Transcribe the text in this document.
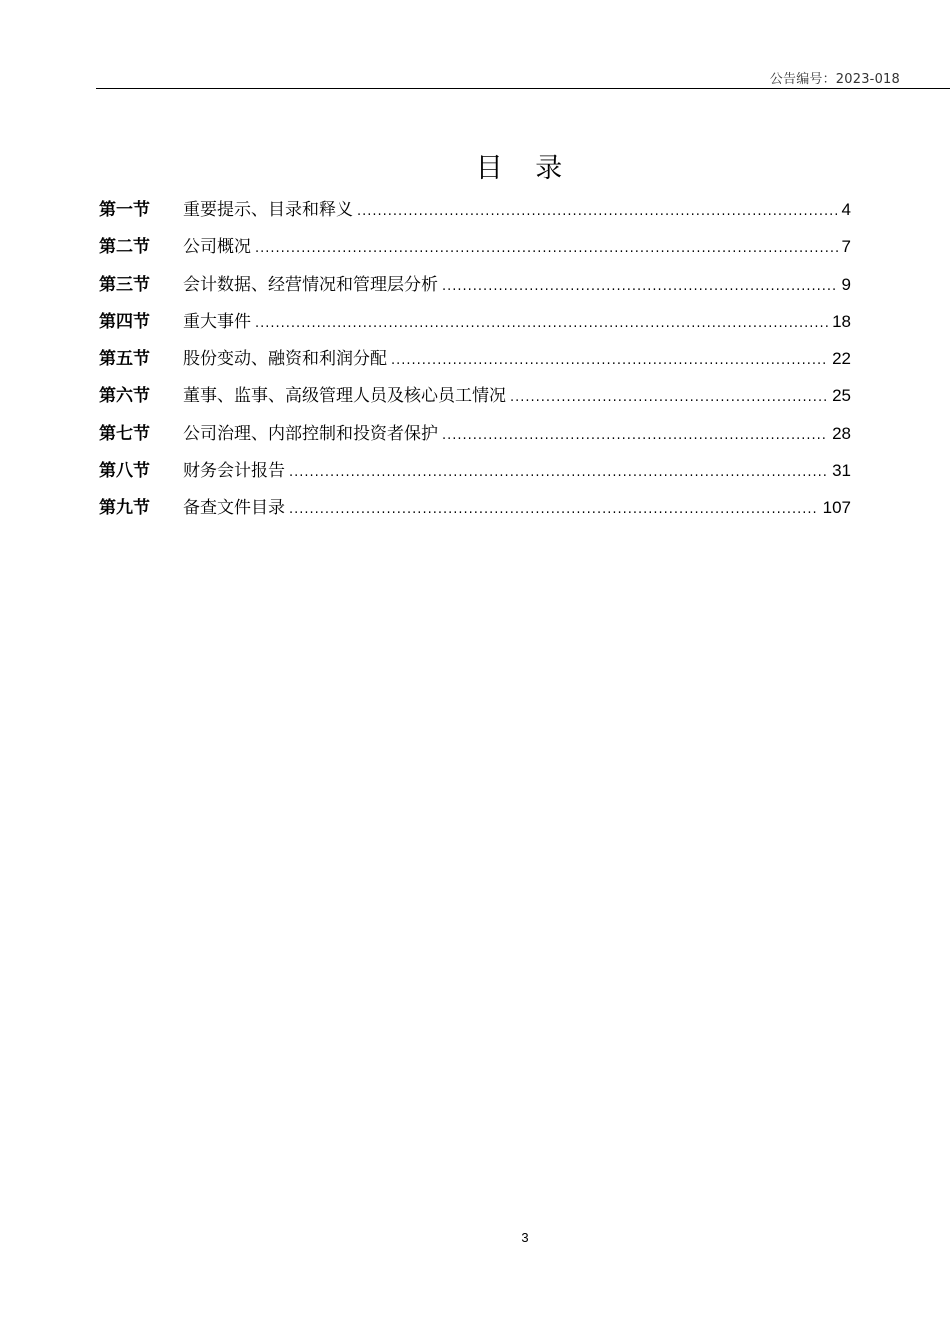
公告编号：2023-018
目 录
第一节	重要提示、目录和释义 .....	4
第二节	公司概况 .....	7
第三节	会计数据、经营情况和管理层分析 .....	9
第四节	重大事件 .....	18
第五节	股份变动、融资和利润分配 .....	22
第六节	董事、监事、高级管理人员及核心员工情况 .....	25
第七节	公司治理、内部控制和投资者保护 .....	28
第八节	财务会计报告 .....	31
第九节	备查文件目录 .....	107
3
